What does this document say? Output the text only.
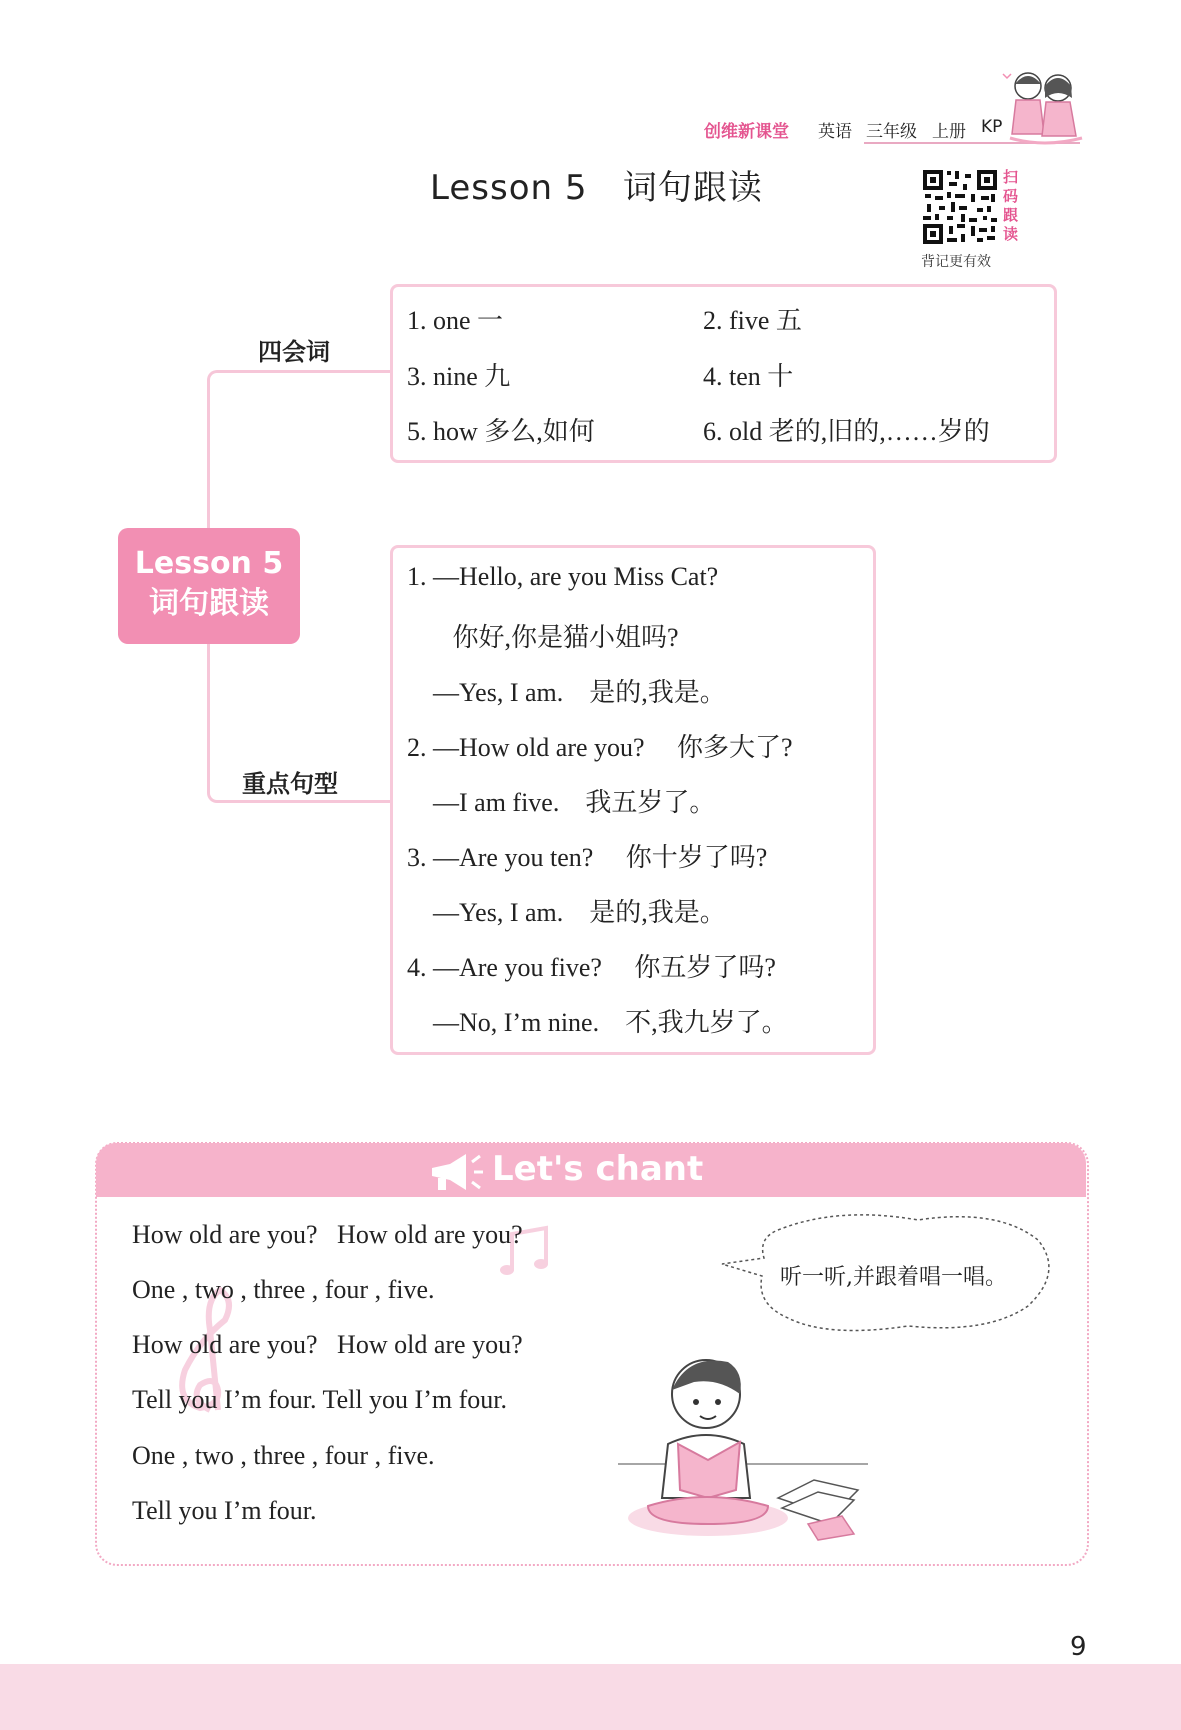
创维新课堂 英语 三年级 上册 KP
Lesson 5   词句跟读	扫
码
跟
读
背记更有效
Lesson 5
词句跟读
四会词
重点句型
1. one 一	2. five 五
3. nine 九	4. ten 十
5. how 多么,如何	6. old 老的,旧的,……岁的
1. —Hello, are you Miss Cat?
你好,你是猫小姐吗?
—Yes, I am.    是的,我是。
2. —How old are you?     你多大了?
—I am five.    我五岁了。
3. —Are you ten?     你十岁了吗?
—Yes, I am.    是的,我是。
4. —Are you five?     你五岁了吗?
—No, I’m nine.    不,我九岁了。
Let's chant
How old are you?   How old are you?
One , two , three , four , five.
How old are you?   How old are you?
Tell you I’m four. Tell you I’m four.
One , two , three , four , five.
Tell you I’m four.
听一听,并跟着唱一唱。
9
